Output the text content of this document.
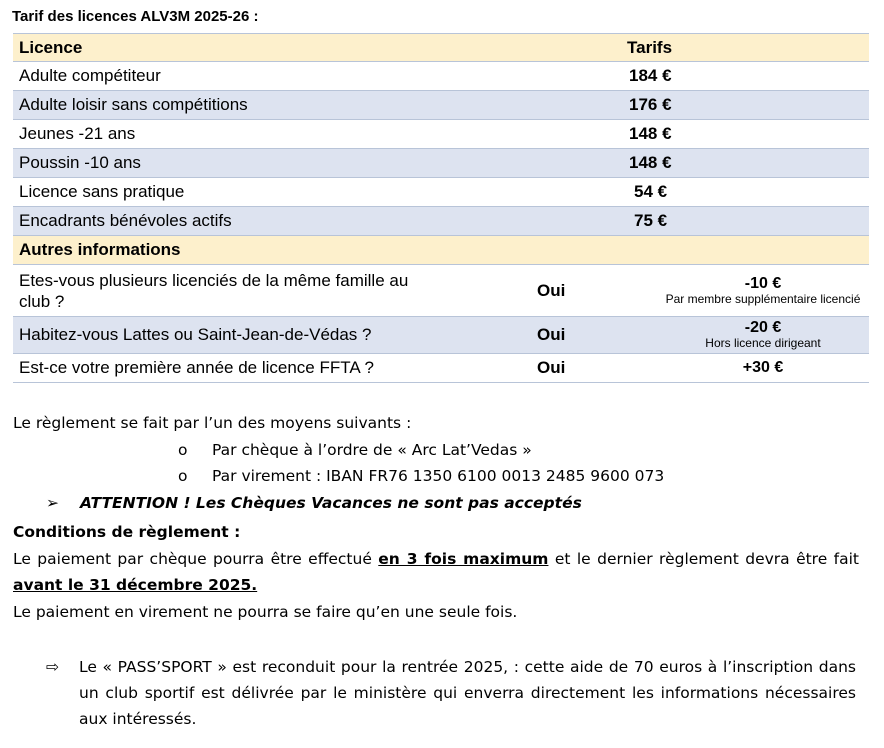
Tarif des licences ALV3M 2025-26 :
Licence	Tarifs	
Adulte compétiteur	184 €	
Adulte loisir sans compétitions	176 €	
Jeunes -21 ans	148 €	
Poussin -10 ans	148 €	
Licence sans pratique	54 €	
Encadrants bénévoles actifs	75 €	
Autres informations		
Etes-vous plusieurs licenciés de la même famille au club ?	Oui	-10 €
Par membre supplémentaire licencié

Habitez-vous Lattes ou Saint-Jean-de-Védas ?	Oui	-20 €
Hors licence dirigeant

Est-ce votre première année de licence FFTA ?	Oui	+30 €
Le règlement se fait par l’un des moyens suivants :
o Par chèque à l’ordre de « Arc Lat’Vedas »
o Par virement : IBAN FR76 1350 6100 0013 2485 9600 073
➢ ATTENTION ! Les Chèques Vacances ne sont pas acceptés
Conditions de règlement :
Le paiement par chèque pourra être effectué en 3 fois maximum et le dernier règlement devra être fait avant le 31 décembre 2025.
Le paiement en virement ne pourra se faire qu’en une seule fois.
⇨ Le « PASS’SPORT » est reconduit pour la rentrée 2025, : cette aide de 70 euros à l’inscription dans un club sportif est délivrée par le ministère qui enverra directement les informations nécessaires aux intéressés.
